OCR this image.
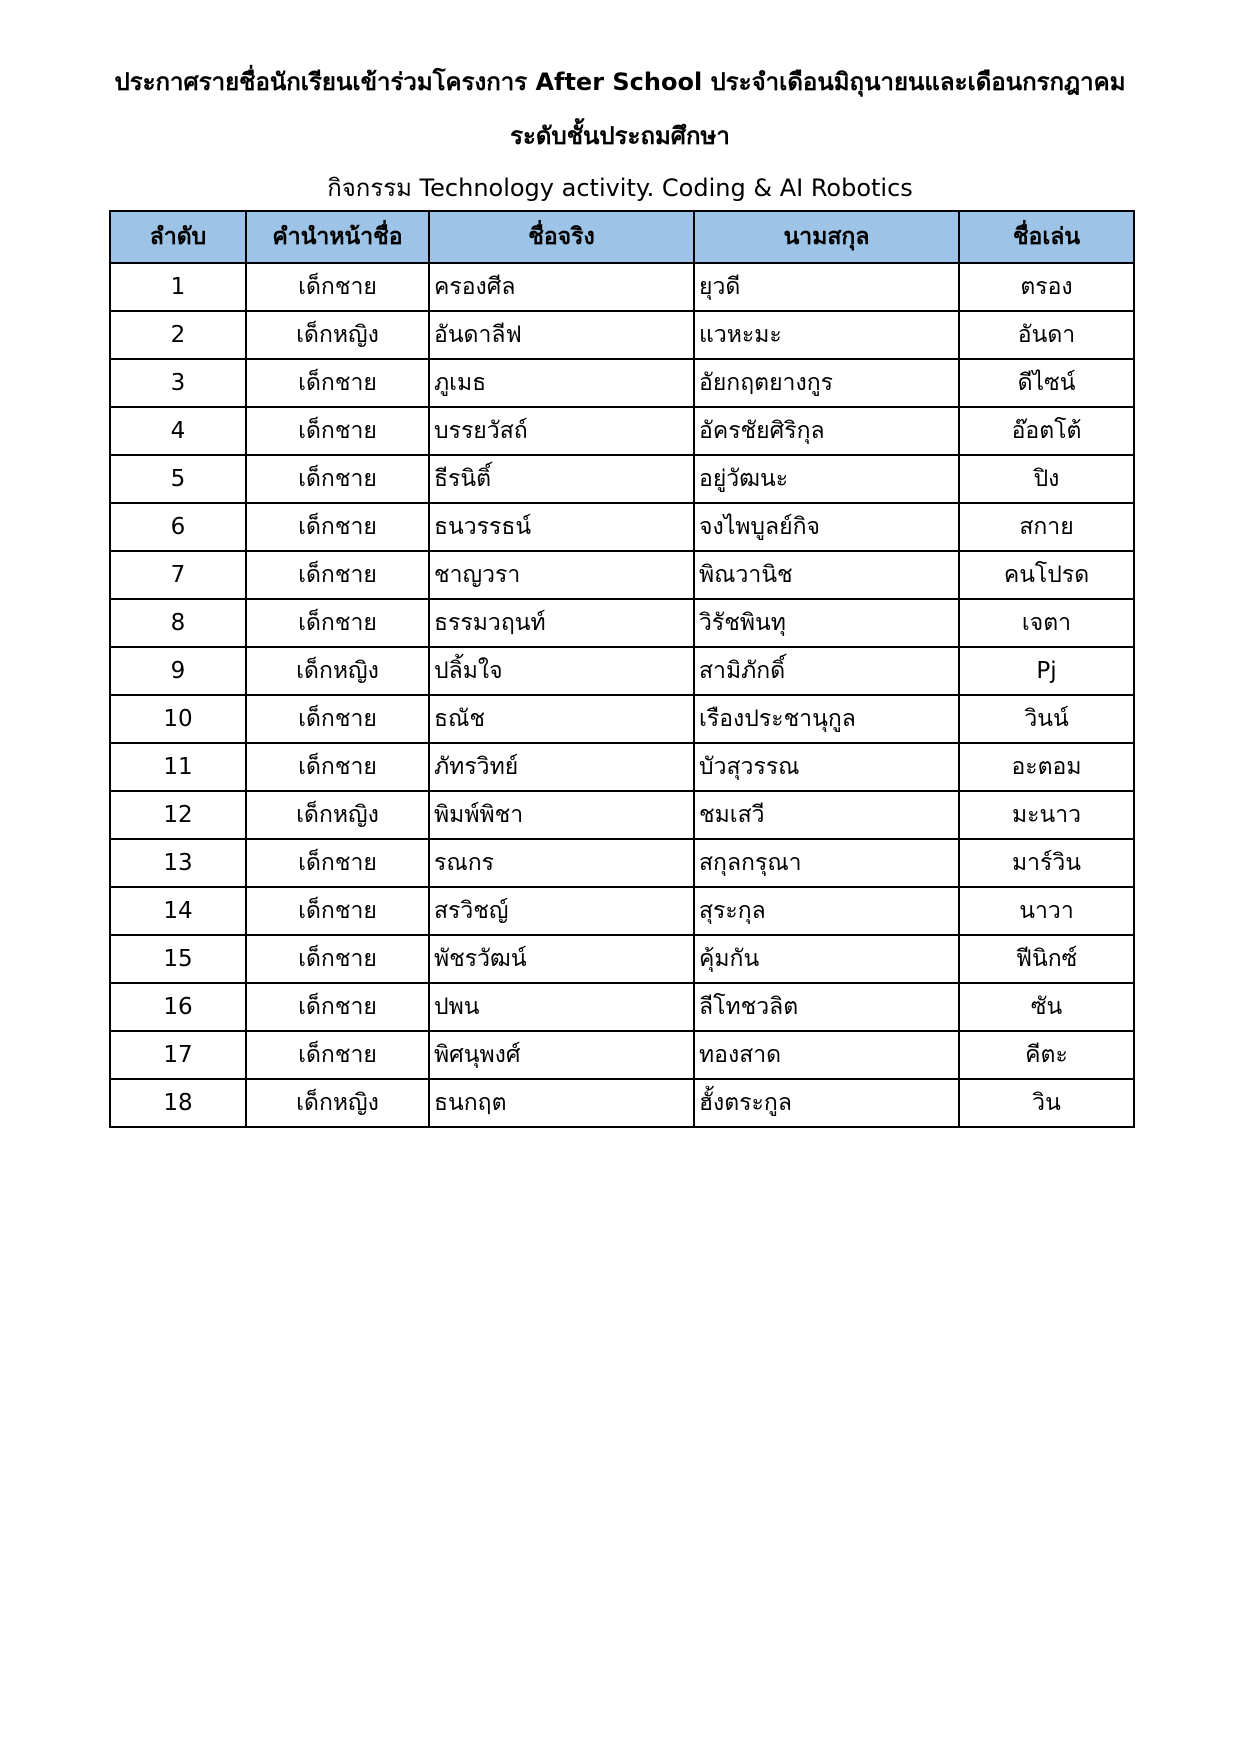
ประกาศรายชื่อนักเรียนเข้าร่วมโครงการ After School ประจำเดือนมิถุนายนและเดือนกรกฎาคม
ระดับชั้นประถมศึกษา
กิจกรรม Technology activity. Coding & AI Robotics
ลำดับ	คำนำหน้าชื่อ	ชื่อจริง	นามสกุล	ชื่อเล่น
1	เด็กชาย	ครองศีล	ยุวดี	ตรอง
2	เด็กหญิง	อันดาลีฟ	แวหะมะ	อันดา
3	เด็กชาย	ภูเมธ	อัยกฤตยางกูร	ดีไซน์
4	เด็กชาย	บรรยวัสถ์	อัครชัยศิริกุล	อ๊อตโต้
5	เด็กชาย	ธีรนิติ์	อยู่วัฒนะ	ปิง
6	เด็กชาย	ธนวรรธน์	จงไพบูลย์กิจ	สกาย
7	เด็กชาย	ชาญวรา	พิณวานิช	คนโปรด
8	เด็กชาย	ธรรมวฤนท์	วิรัชพินทุ	เจตา
9	เด็กหญิง	ปลิ้มใจ	สามิภักดิ์	Pj
10	เด็กชาย	ธณัช	เรืองประชานุกูล	วินน์
11	เด็กชาย	ภัทรวิทย์	บัวสุวรรณ	อะตอม
12	เด็กหญิง	พิมพ์พิชา	ชมเสวี	มะนาว
13	เด็กชาย	รณกร	สกุลกรุณา	มาร์วิน
14	เด็กชาย	สรวิชญ์	สุระกุล	นาวา
15	เด็กชาย	พัชรวัฒน์	คุ้มกัน	ฟีนิกซ์
16	เด็กชาย	ปพน	ลีโทชวลิต	ซัน
17	เด็กชาย	พิศนุพงศ์	ทองสาด	คีตะ
18	เด็กหญิง	ธนกฤต	ฮั้งตระกูล	วิน
